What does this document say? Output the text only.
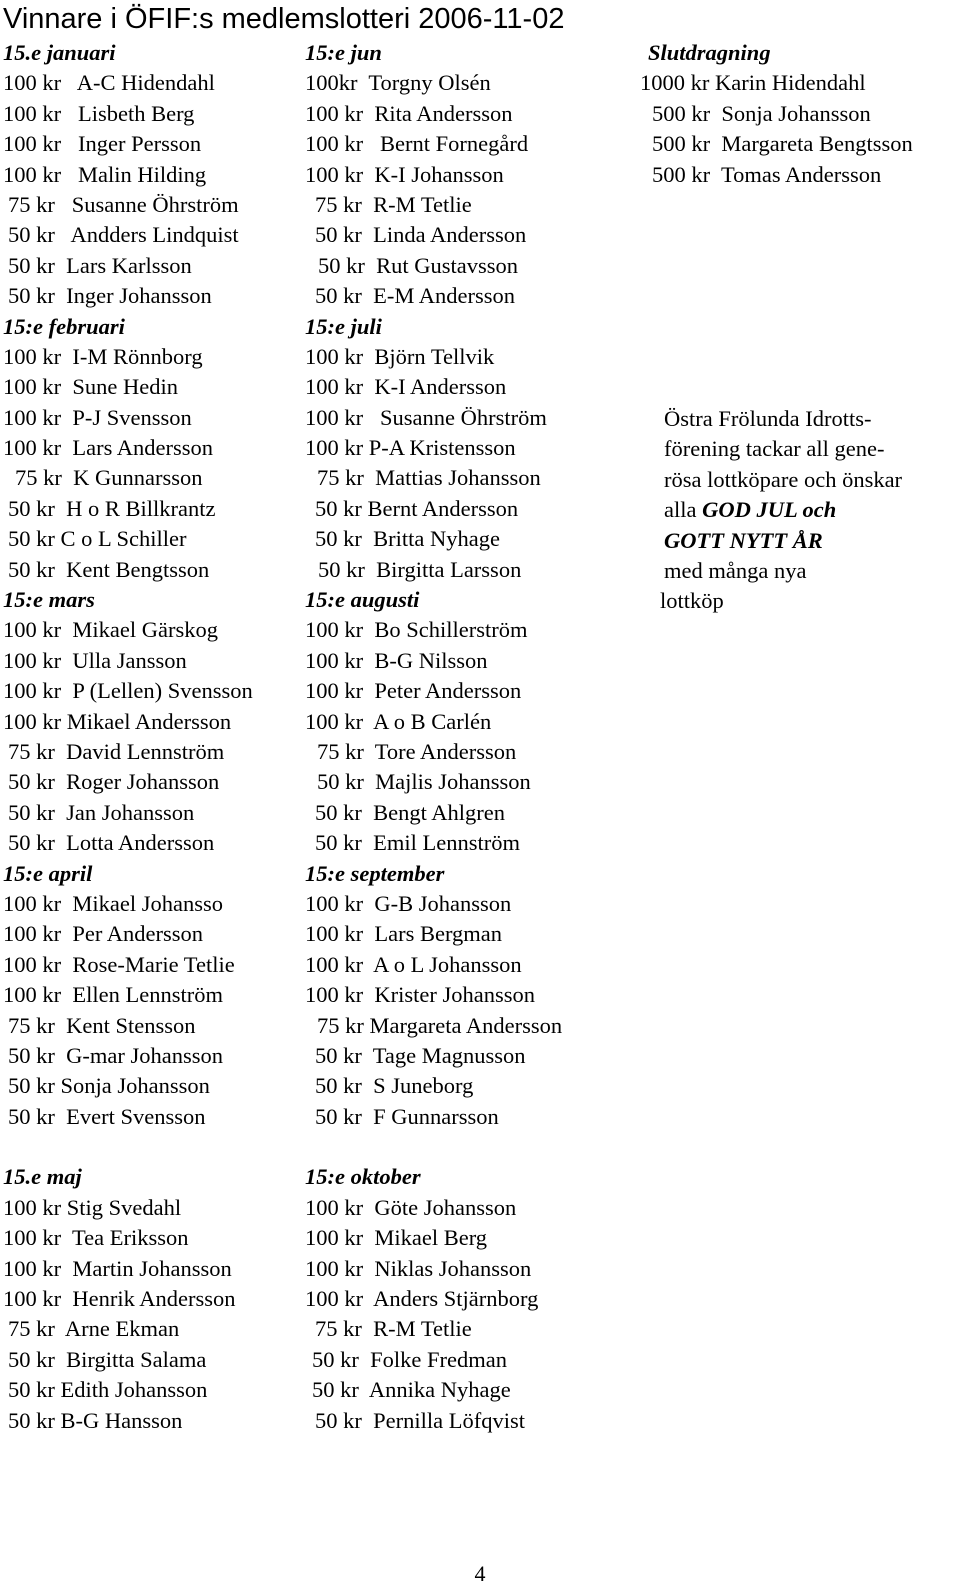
Vinnare i ÖFIF:s medlemslotteri 2006-11-02
15.e januari
100 kr   A-C Hidendahl
100 kr   Lisbeth Berg
100 kr   Inger Persson
100 kr   Malin Hilding
75 kr   Susanne Öhrström
50 kr   Andders Lindquist
50 kr  Lars Karlsson
50 kr  Inger Johansson
15:e februari
100 kr  I-M Rönnborg
100 kr  Sune Hedin
100 kr  P-J Svensson
100 kr  Lars Andersson
75 kr  K Gunnarsson
50 kr  H o R Billkrantz
50 kr C o L Schiller
50 kr  Kent Bengtsson
15:e mars
100 kr  Mikael Gärskog
100 kr  Ulla Jansson
100 kr  P (Lellen) Svensson
100 kr Mikael Andersson
75 kr  David Lennström
50 kr  Roger Johansson
50 kr  Jan Johansson
50 kr  Lotta Andersson
15:e april
100 kr  Mikael Johansso
100 kr  Per Andersson
100 kr  Rose-Marie Tetlie
100 kr  Ellen Lennström
75 kr  Kent Stensson
50 kr  G-mar Johansson
50 kr Sonja Johansson
50 kr  Evert Svensson
15.e maj
100 kr Stig Svedahl
100 kr  Tea Eriksson
100 kr  Martin Johansson
100 kr  Henrik Andersson
75 kr  Arne Ekman
50 kr  Birgitta Salama
50 kr Edith Johansson
50 kr B-G Hansson
15:e jun
100kr  Torgny Olsén
100 kr  Rita Andersson
100 kr   Bernt Fornegård
100 kr  K-I Johansson
75 kr  R-M Tetlie
50 kr  Linda Andersson
50 kr  Rut Gustavsson
50 kr  E-M Andersson
15:e juli
100 kr  Björn Tellvik
100 kr  K-I Andersson
100 kr   Susanne Öhrström
100 kr P-A Kristensson
75 kr  Mattias Johansson
50 kr Bernt Andersson
50 kr  Britta Nyhage
50 kr  Birgitta Larsson
15:e augusti
100 kr  Bo Schillerström
100 kr  B-G Nilsson
100 kr  Peter Andersson
100 kr  A o B Carlén
75 kr  Tore Andersson
50 kr  Majlis Johansson
50 kr  Bengt Ahlgren
50 kr  Emil Lennström
15:e september
100 kr  G-B Johansson
100 kr  Lars Bergman
100 kr  A o L Johansson
100 kr  Krister Johansson
75 kr Margareta Andersson
50 kr  Tage Magnusson
50 kr  S Juneborg
50 kr  F Gunnarsson
15:e oktober
100 kr  Göte Johansson
100 kr  Mikael Berg
100 kr  Niklas Johansson
100 kr  Anders Stjärnborg
75 kr  R-M Tetlie
50 kr  Folke Fredman
50 kr  Annika Nyhage
50 kr  Pernilla Löfqvist
Slutdragning
1000 kr Karin Hidendahl
500 kr  Sonja Johansson
500 kr  Margareta Bengtsson
500 kr  Tomas Andersson
Östra Frölunda Idrotts-
förening tackar all gene-
rösa lottköpare och önskar
alla GOD JUL och
GOTT NYTT ÅR
med många nya
lottköp
4
